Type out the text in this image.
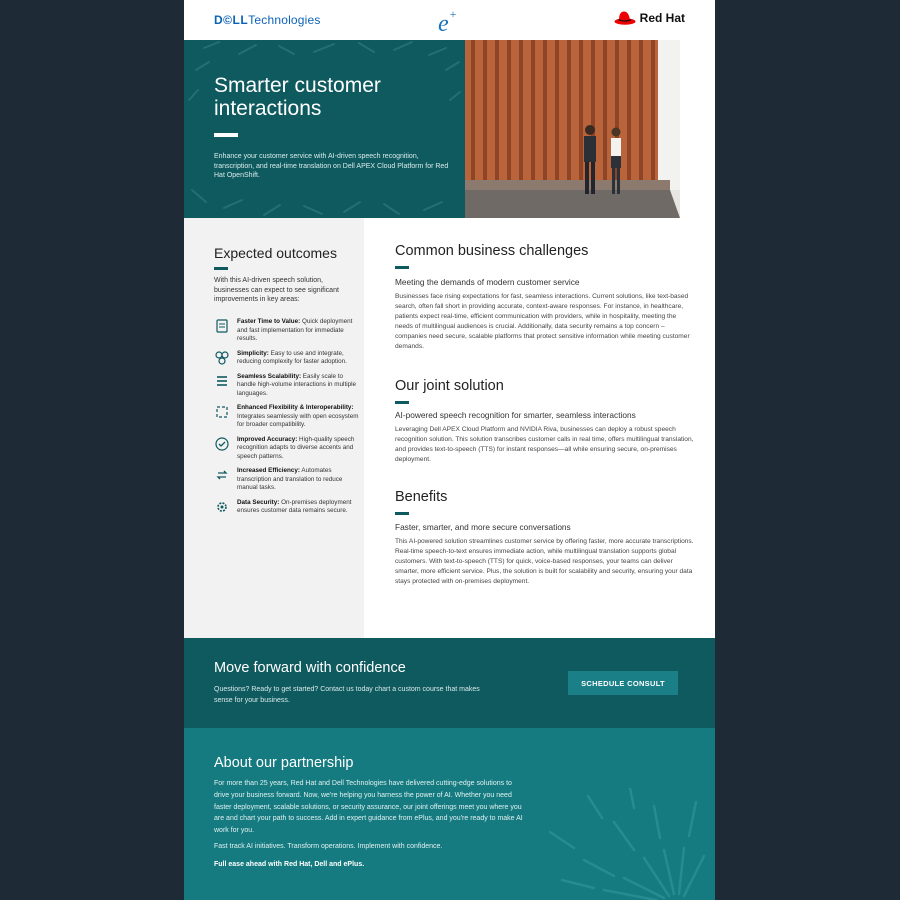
D©LLTechnologies	e+	Red Hat
Smarter customer interactions
Enhance your customer service with AI-driven speech recognition, transcription, and real-time translation on Dell APEX Cloud Platform for Red Hat OpenShift.
Expected outcomes
With this AI-driven speech solution, businesses can expect to see significant improvements in key areas:
Faster Time to Value: Quick deployment and fast implementation for immediate results.
Simplicity: Easy to use and integrate, reducing complexity for faster adoption.
Seamless Scalability: Easily scale to handle high-volume interactions in multiple languages.
Enhanced Flexibility & Interoperability: Integrates seamlessly with open ecosystem for broader compatibility.
Improved Accuracy: High-quality speech recognition adapts to diverse accents and speech patterns.
Increased Efficiency: Automates transcription and translation to reduce manual tasks.
Data Security: On-premises deployment ensures customer data remains secure.
Common business challenges
Meeting the demands of modern customer service
Businesses face rising expectations for fast, seamless interactions. Current solutions, like text-based search, often fall short in providing accurate, context-aware responses. For instance, in healthcare, patients expect real-time, efficient communication with providers, while in hospitality, meeting the needs of multilingual audiences is crucial. Additionally, data security remains a top concern – companies need secure, scalable platforms that protect sensitive information while meeting customer demands.
Our joint solution
AI-powered speech recognition for smarter, seamless interactions
Leveraging Dell APEX Cloud Platform and NVIDIA Riva, businesses can deploy a robust speech recognition solution. This solution transcribes customer calls in real time, offers multilingual translation, and provides text-to-speech (TTS) for instant responses—all while ensuring secure, on-premises deployment.
Benefits
Faster, smarter, and more secure conversations
This AI-powered solution streamlines customer service by offering faster, more accurate transcriptions. Real-time speech-to-text ensures immediate action, while multilingual translation supports global customers. With text-to-speech (TTS) for quick, voice-based responses, your teams can deliver smarter, more efficient service. Plus, the solution is built for scalability and security, ensuring your data stays protected with on-premises deployment.
Move forward with confidence
Questions? Ready to get started? Contact us today chart a custom course that makes sense for your business.
SCHEDULE CONSULT
About our partnership
For more than 25 years, Red Hat and Dell Technologies have delivered cutting-edge solutions to drive your business forward. Now, we're helping you harness the power of AI. Whether you need faster deployment, scalable solutions, or security assurance, our joint offerings meet you where you are and chart your path to success. Add in expert guidance from ePlus, and you're ready to make AI work for you.
Fast track AI initiatives. Transform operations. Implement with confidence.
Full ease ahead with Red Hat, Dell and ePlus.
